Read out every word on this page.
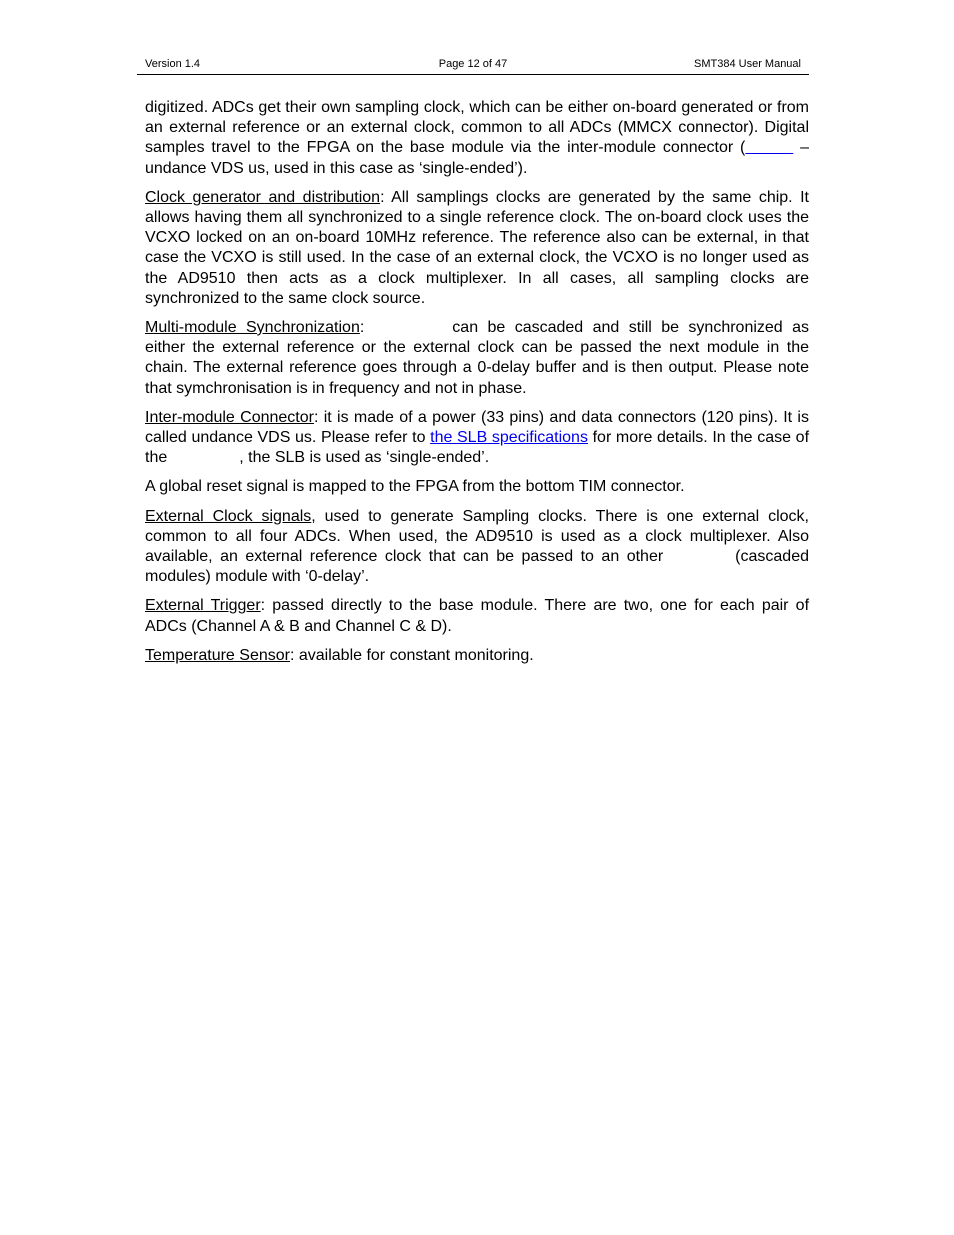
Version 1.4	Page 12 of 47	SMT384 User Manual

digitized. ADCs get their own sampling clock, which can be either on-board generated or from an external reference or an external clock, common to all ADCs (MMCX connector). Digital samples travel to the FPGA on the base module via the inter-module connector (	– undance VDS us, used in this case as ‘single-ended’).

Clock generator and distribution: All samplings clocks are generated by the same chip. It allows having them all synchronized to a single reference clock. The on-board clock uses the VCXO locked on an on-board 10MHz reference. The reference also can be external, in that case the VCXO is still used. In the case of an external clock, the VCXO is no longer used as the AD9510 then acts as a clock multiplexer. In all cases, all sampling clocks are synchronized to the same clock source.

Multi-module Synchronization:	can be cascaded and still be synchronized as either the external reference or the external clock can be passed the next module in the chain. The external reference goes through a 0-delay buffer and is then output. Please note that symchronisation is in frequency and not in phase.

Inter-module Connector: it is made of a power (33 pins) and data connectors (120 pins). It is called undance VDS us. Please refer to the SLB specifications for more details. In the case of the	, the SLB is used as ‘single-ended’.

A global reset signal is mapped to the FPGA from the bottom TIM connector.

External Clock signals, used to generate Sampling clocks. There is one external clock, common to all four ADCs. When used, the AD9510 is used as a clock multiplexer. Also available, an external reference clock that can be passed to an other	(cascaded modules) module with ‘0-delay’.

External Trigger: passed directly to the base module. There are two, one for each pair of ADCs (Channel A & B and Channel C & D).

Temperature Sensor: available for constant monitoring.
